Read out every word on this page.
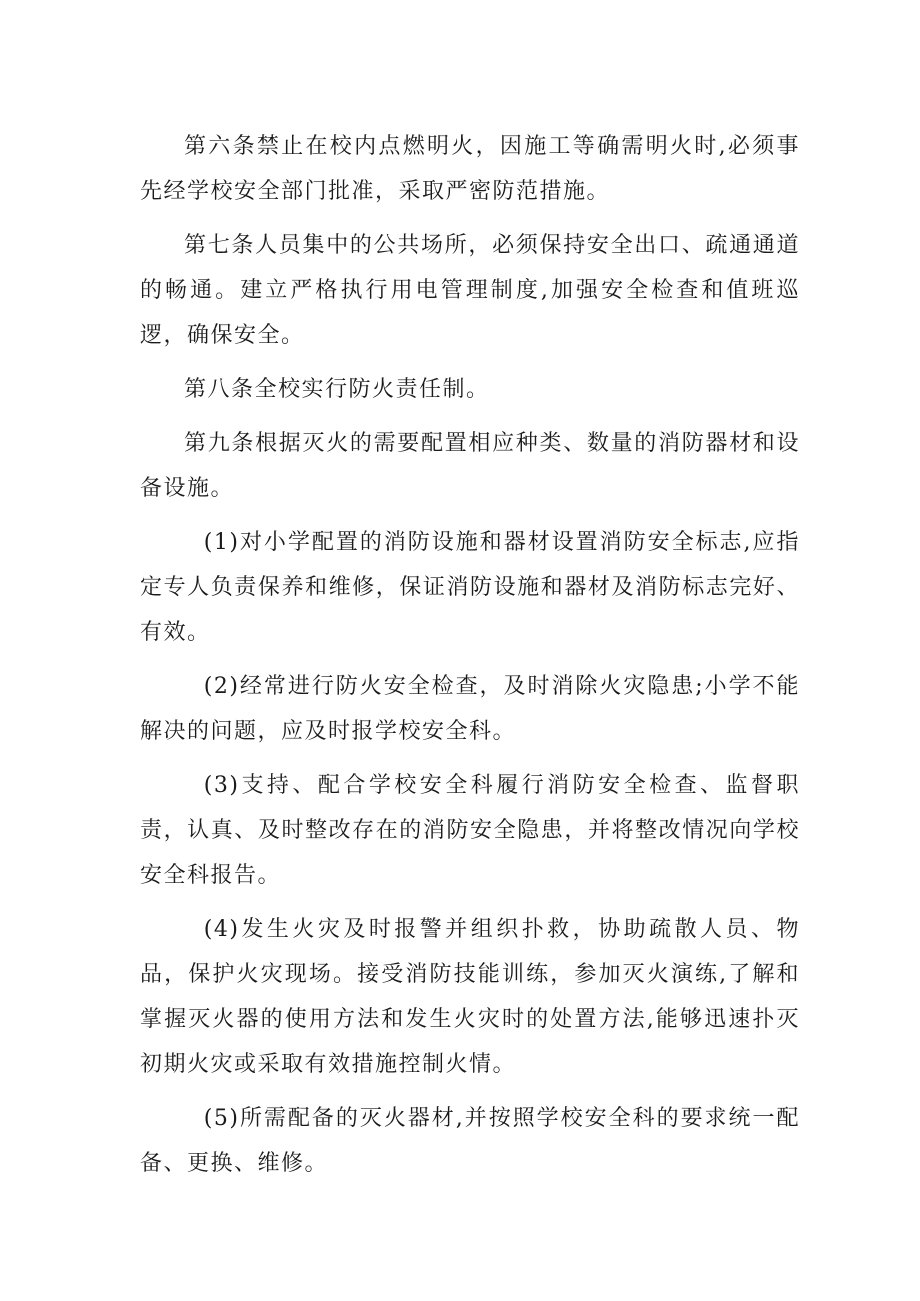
第六条禁止在校内点燃明火，因施工等确需明火时,必须事先经学校安全部门批准，采取严密防范措施。

第七条人员集中的公共场所，必须保持安全出口、疏通通道的畅通。建立严格执行用电管理制度,加强安全检查和值班巡逻，确保安全。

第八条全校实行防火责任制。

第九条根据灭火的需要配置相应种类、数量的消防器材和设备设施。

(1)对小学配置的消防设施和器材设置消防安全标志,应指定专人负责保养和维修，保证消防设施和器材及消防标志完好、有效。

(2)经常进行防火安全检查，及时消除火灾隐患;小学不能解决的问题，应及时报学校安全科。

(3)支持、配合学校安全科履行消防安全检查、监督职责，认真、及时整改存在的消防安全隐患，并将整改情况向学校安全科报告。

(4)发生火灾及时报警并组织扑救，协助疏散人员、物品，保护火灾现场。接受消防技能训练，参加灭火演练,了解和掌握灭火器的使用方法和发生火灾时的处置方法,能够迅速扑灭初期火灾或采取有效措施控制火情。

(5)所需配备的灭火器材,并按照学校安全科的要求统一配备、更换、维修。
